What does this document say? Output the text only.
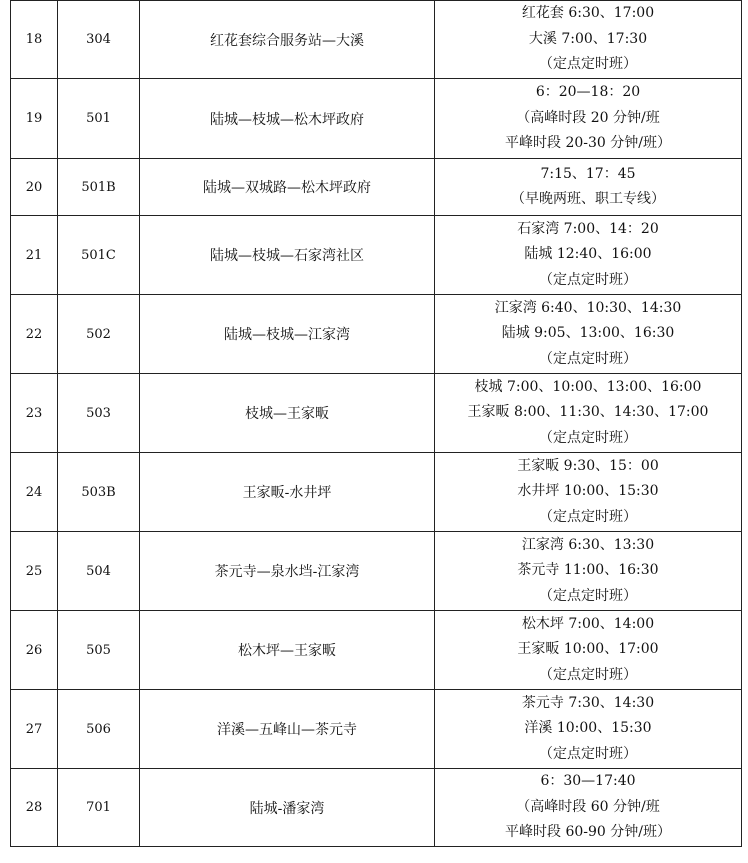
18	304	红花套综合服务站—大溪	红花套 6:30、17:00
大溪 7:00、17:30
（定点定时班）

19	501	陆城—枝城—松木坪政府	6：20—18：20
（高峰时段 20 分钟/班
平峰时段 20-30 分钟/班）

20	501B	陆城—双城路—松木坪政府	7:15、17：45
（早晚两班、职工专线）

21	501C	陆城—枝城—石家湾社区	石家湾 7:00、14：20
陆城 12:40、16:00
（定点定时班）

22	502	陆城—枝城—江家湾	江家湾 6:40、10:30、14:30
陆城 9:05、13:00、16:30
（定点定时班）

23	503	枝城—王家畈	枝城 7:00、10:00、13:00、16:00
王家畈 8:00、11:30、14:30、17:00
（定点定时班）

24	503B	王家畈-水井坪	王家畈 9:30、15：00
水井坪 10:00、15:30
（定点定时班）

25	504	茶元寺—泉水垱-江家湾	江家湾 6:30、13:30
茶元寺 11:00、16:30
（定点定时班）

26	505	松木坪—王家畈	松木坪 7:00、14:00
王家畈 10:00、17:00
（定点定时班）

27	506	洋溪—五峰山—茶元寺	茶元寺 7:30、14:30
洋溪 10:00、15:30
（定点定时班）

28	701	陆城-潘家湾	6：30—17:40
（高峰时段 60 分钟/班
平峰时段 60-90 分钟/班）
